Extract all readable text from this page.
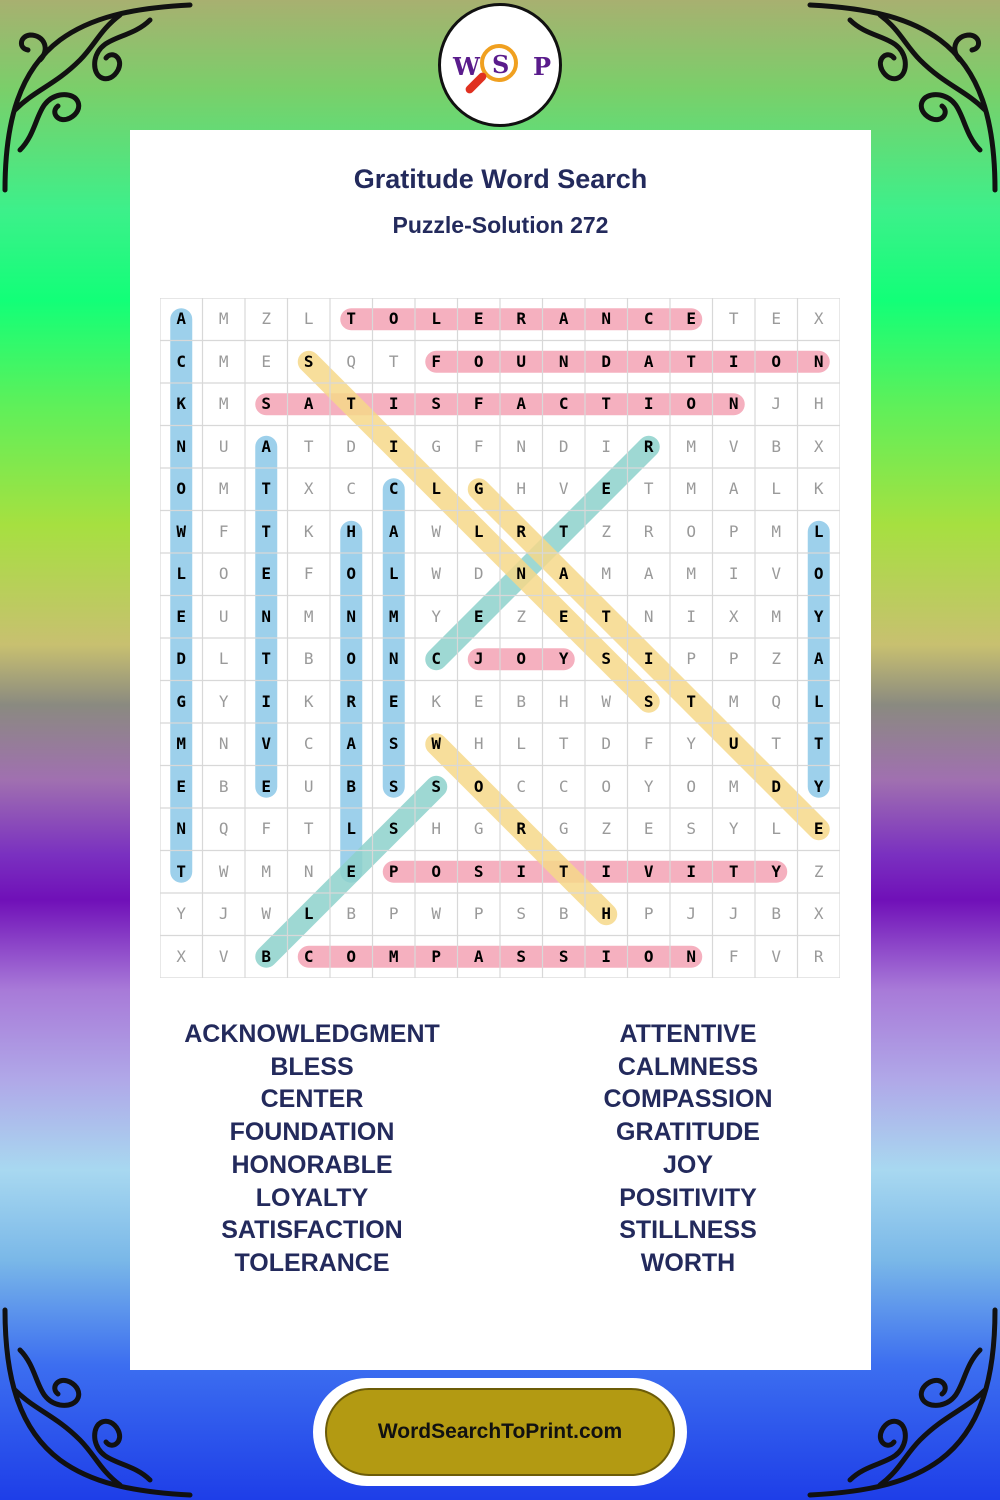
W S P
Gratitude Word Search
Puzzle-Solution 272
A	M	Z	L	T	O	L	E	R	A	N	C	E	T	E	X
C	M	E	S	Q	T	F	O	U	N	D	A	T	I	O	N
K	M	S	A	T	I	S	F	A	C	T	I	O	N	J	H
N	U	A	T	D	I	G	F	N	D	I	R	M	V	B	X
O	M	T	X	C	C	L	G	H	V	E	T	M	A	L	K
W	F	T	K	H	A	W	L	R	T	Z	R	O	P	M	L
L	O	E	F	O	L	W	D	N	A	M	A	M	I	V	O
E	U	N	M	N	M	Y	E	Z	E	T	N	I	X	M	Y
D	L	T	B	O	N	C	J	O	Y	S	I	P	P	Z	A
G	Y	I	K	R	E	K	E	B	H	W	S	T	M	Q	L
M	N	V	C	A	S	W	H	L	T	D	F	Y	U	T	T
E	B	E	U	B	S	S	O	C	C	O	Y	O	M	D	Y
N	Q	F	T	L	S	H	G	R	G	Z	E	S	Y	L	E
T	W	M	N	E	P	O	S	I	T	I	V	I	T	Y	Z
Y	J	W	L	B	P	W	P	S	B	H	P	J	J	B	X
X	V	B	C	O	M	P	A	S	S	I	O	N	F	V	R
ACKNOWLEDGMENT
BLESS
CENTER
FOUNDATION
HONORABLE
LOYALTY
SATISFACTION
TOLERANCE
ATTENTIVE
CALMNESS
COMPASSION
GRATITUDE
JOY
POSITIVITY
STILLNESS
WORTH
WordSearchToPrint.com
